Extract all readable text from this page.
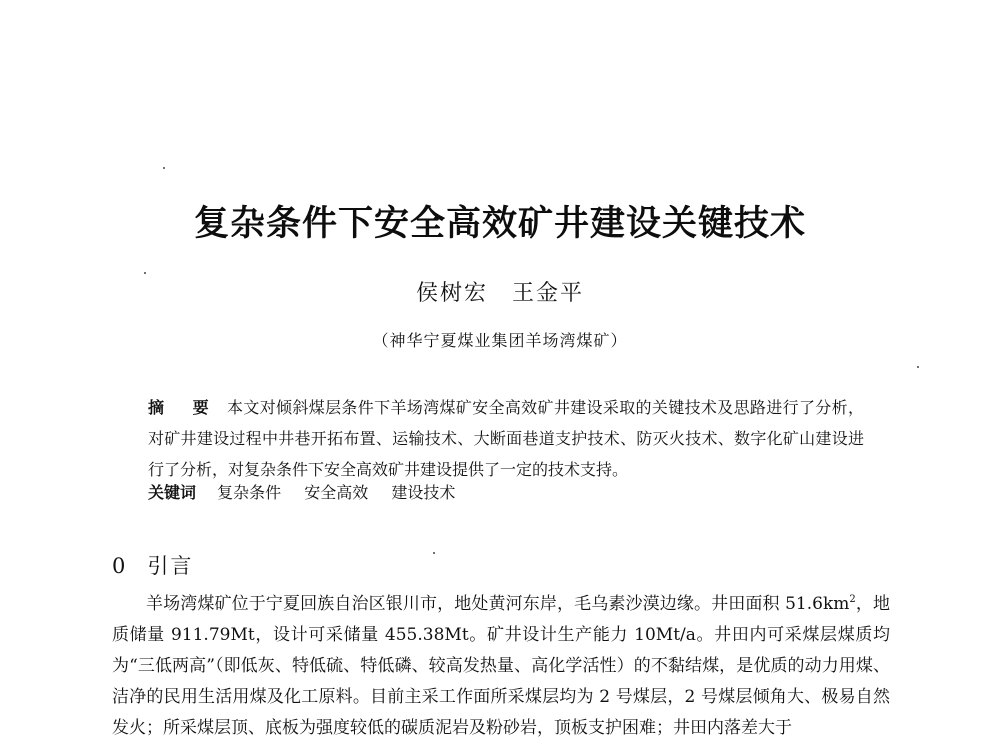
复杂条件下安全高效矿井建设关键技术
侯树宏　王金平
（神华宁夏煤业集团羊场湾煤矿）
摘　要 本文对倾斜煤层条件下羊场湾煤矿安全高效矿井建设采取的关键技术及思路进行了分析，对矿井建设过程中井巷开拓布置、运输技术、大断面巷道支护技术、防灭火技术、数字化矿山建设进行了分析，对复杂条件下安全高效矿井建设提供了一定的技术支持。
关键词 复杂条件 安全高效 建设技术
0 引言
羊场湾煤矿位于宁夏回族自治区银川市，地处黄河东岸，毛乌素沙漠边缘。井田面积 $51.6km^2$，地质储量 911.79Mt，设计可采储量 455.38Mt。矿井设计生产能力 10Mt/a。井田内可采煤层煤质均为“三低两高”（即低灰、特低硫、特低磷、较高发热量、高化学活性）的不黏结煤，是优质的动力用煤、洁净的民用生活用煤及化工原料。目前主采工作面所采煤层均为 2 号煤层，2 号煤层倾角大、极易自然发火；所采煤层顶、底板为强度较低的碳质泥岩及粉砂岩，顶板支护困难；井田内落差大于
